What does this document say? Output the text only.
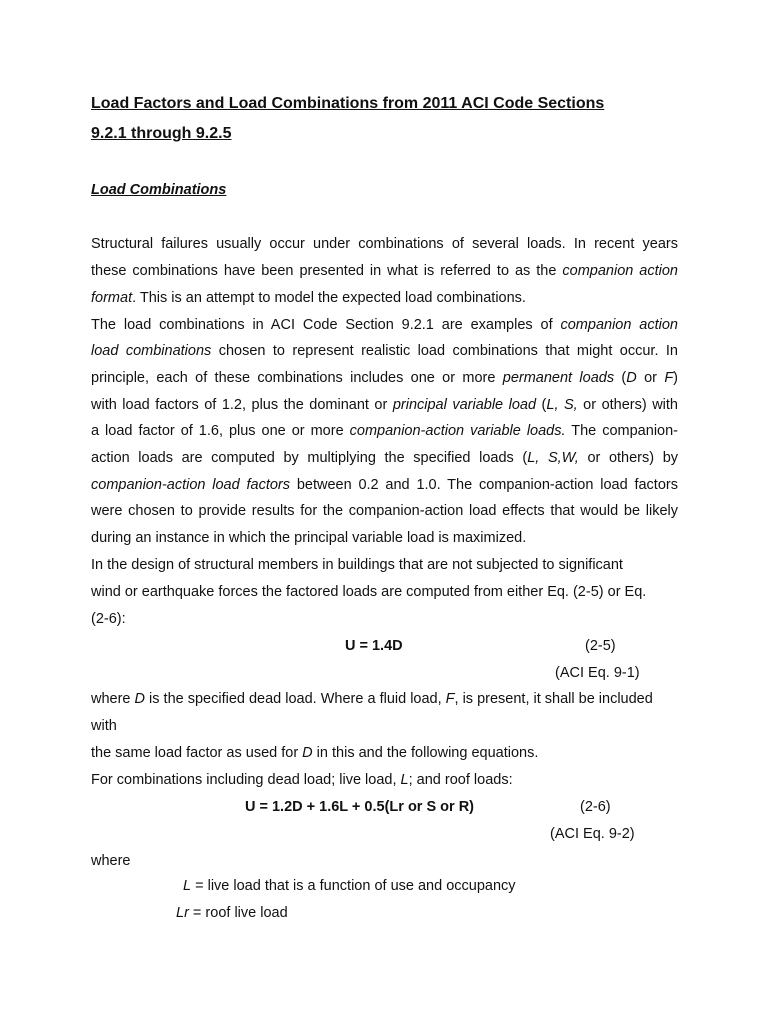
Load Factors and Load Combinations from 2011 ACI Code Sections
9.2.1 through 9.2.5
Load Combinations
Structural failures usually occur under combinations of several loads. In recent years
these combinations have been presented in what is referred to as the companion action
format. This is an attempt to model the expected load combinations.
The load combinations in ACI Code Section 9.2.1 are examples of companion action
load combinations chosen to represent realistic load combinations that might occur. In
principle, each of these combinations includes one or more permanent loads (D or F)
with load factors of 1.2, plus the dominant or principal variable load (L, S, or others) with
a load factor of 1.6, plus one or more companion-action variable loads. The companion-
action loads are computed by multiplying the specified loads (L, S,W, or others) by
companion-action load factors between 0.2 and 1.0. The companion-action load factors
were chosen to provide results for the companion-action load effects that would be likely
during an instance in which the principal variable load is maximized.
In the design of structural members in buildings that are not subjected to significant
wind or earthquake forces the factored loads are computed from either Eq. (2-5) or Eq.
(2-6):
U = 1.4D	(2-5)
(ACI Eq. 9-1)
where D is the specified dead load. Where a fluid load, F, is present, it shall be included
with
the same load factor as used for D in this and the following equations.
For combinations including dead load; live load, L; and roof loads:
U = 1.2D + 1.6L + 0.5(Lr or S or R)	(2-6)
(ACI Eq. 9-2)
where
L = live load that is a function of use and occupancy
Lr = roof live load
